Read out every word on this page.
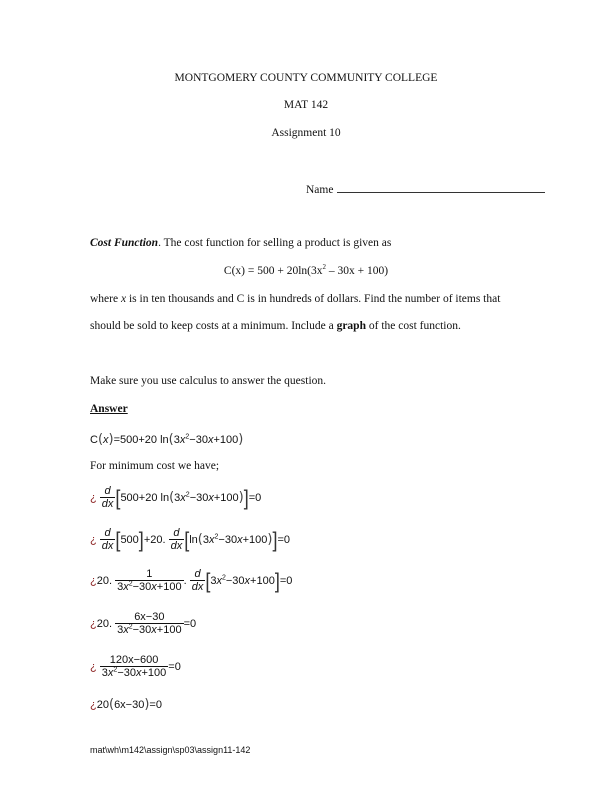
MONTGOMERY COUNTY COMMUNITY COLLEGE
MAT 142
Assignment 10
Name
Cost Function. The cost function for selling a product is given as
$C(x) = 500 + 20\ln(3x^2 - 30x + 100)$
where x is in ten thousands and C is in hundreds of dollars. Find the number of items that
should be sold to keep costs at a minimum. Include a graph of the cost function.
Make sure you use calculus to answer the question.
Answer
C(x)=500+20 $\ln(3x^2-30x+100)$
For minimum cost we have;
¿ $\frac{d}{dx} [500+20$ $\ln(3x^2-30x+100)]=0$
¿ $\frac{d}{dx} [500]+20$. $\frac{d}{dx} [\ln(3x^2-30x+100)]=0$
¿20. $\frac{1}{3x^2-30x+100}$ . $\frac{d}{dx} [3x^2-30x+100]=0$
¿20. $\frac{6x-30}{3x^2-30x+100} =0$
¿ $\frac{120x-600}{3x^2-30x+100} =0$
¿20(6x−30)=0
mat\wh\m142\assign\sp03\assign11-142
